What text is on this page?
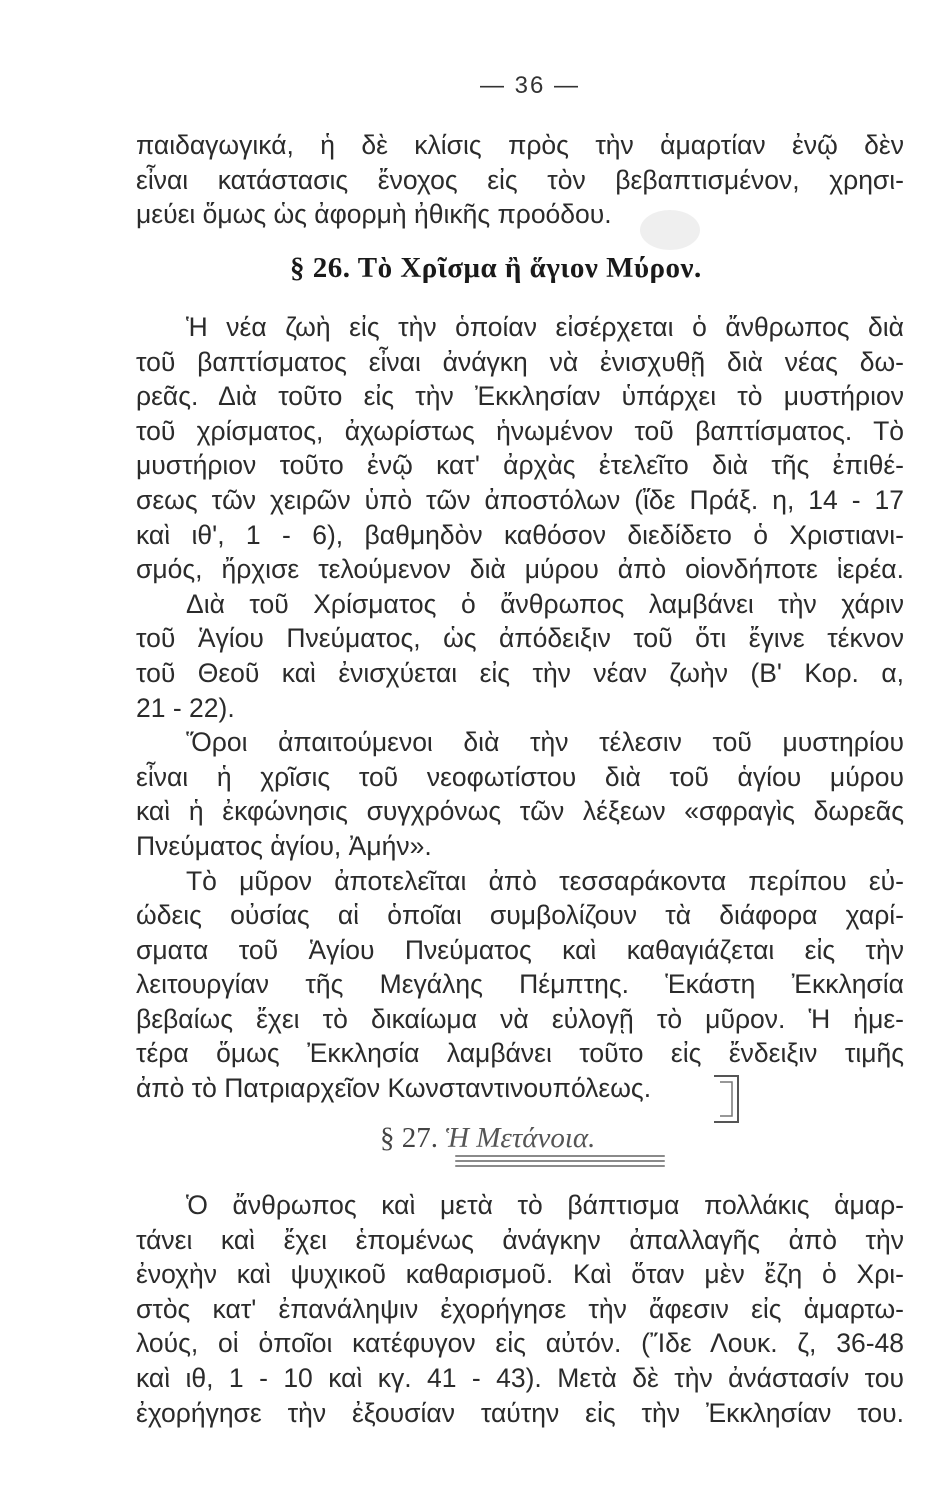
— 36 —
παιδαγωγικά, ἡ δὲ κλίσις πρὸς τὴν ἁμαρτίαν ἐνῷ δὲν
εἶναι κατάστασις ἔνοχος εἰς τὸν βεβαπτισμένον, χρησι-
μεύει ὅμως ὡς ἀφορμὴ ἠθικῆς προόδου.
§ 26. Τὸ Χρῖσμα ἢ ἅγιον Μύρον.
Ἡ νέα ζωὴ εἰς τὴν ὁποίαν εἰσέρχεται ὁ ἄνθρωπος διὰ
τοῦ βαπτίσματος εἶναι ἀνάγκη νὰ ἐνισχυθῇ διὰ νέας δω-
ρεᾶς. Διὰ τοῦτο εἰς τὴν Ἐκκλησίαν ὑπάρχει τὸ μυστήριον
τοῦ χρίσματος, ἀχωρίστως ἡνωμένον τοῦ βαπτίσματος. Τὸ
μυστήριον τοῦτο ἐνῷ κατ' ἀρχὰς ἐτελεῖτο διὰ τῆς ἐπιθέ-
σεως τῶν χειρῶν ὑπὸ τῶν ἀποστόλων (ἴδε Πράξ. η, 14 - 17
καὶ ιθ', 1 - 6), βαθμηδὸν καθόσον διεδίδετο ὁ Χριστιανι-
σμός, ἤρχισε τελούμενον διὰ μύρου ἀπὸ οἱονδήποτε ἱερέα.
Διὰ τοῦ Χρίσματος ὁ ἄνθρωπος λαμβάνει τὴν χάριν
τοῦ Ἁγίου Πνεύματος, ὡς ἀπόδειξιν τοῦ ὅτι ἔγινε τέκνον
τοῦ Θεοῦ καὶ ἐνισχύεται εἰς τὴν νέαν ζωὴν (Β' Κορ. α,
21 - 22).
Ὅροι ἀπαιτούμενοι διὰ τὴν τέλεσιν τοῦ μυστηρίου
εἶναι ἡ χρῖσις τοῦ νεοφωτίστου διὰ τοῦ ἁγίου μύρου
καὶ ἡ ἐκφώνησις συγχρόνως τῶν λέξεων «σφραγὶς δωρεᾶς
Πνεύματος ἁγίου, Ἀμήν».
Τὸ μῦρον ἀποτελεῖται ἀπὸ τεσσαράκοντα περίπου εὐ-
ώδεις οὐσίας αἱ ὁποῖαι συμβολίζουν τὰ διάφορα χαρί-
σματα τοῦ Ἁγίου Πνεύματος καὶ καθαγιάζεται εἰς τὴν
λειτουργίαν τῆς Μεγάλης Πέμπτης. Ἑκάστη Ἐκκλησία
βεβαίως ἔχει τὸ δικαίωμα νὰ εὐλογῇ τὸ μῦρον. Ἡ ἡμε-
τέρα ὅμως Ἐκκλησία λαμβάνει τοῦτο εἰς ἔνδειξιν τιμῆς
ἀπὸ τὸ Πατριαρχεῖον Κωνσταντινουπόλεως.
§ 27. Ἡ Μετάνοια.
Ὁ ἄνθρωπος καὶ μετὰ τὸ βάπτισμα πολλάκις ἁμαρ-
τάνει καὶ ἔχει ἑπομένως ἀνάγκην ἀπαλλαγῆς ἀπὸ τὴν
ἐνοχὴν καὶ ψυχικοῦ καθαρισμοῦ. Καὶ ὅταν μὲν ἔζη ὁ Χρι-
στὸς κατ' ἐπανάληψιν ἐχορήγησε τὴν ἄφεσιν εἰς ἁμαρτω-
λούς, οἱ ὁποῖοι κατέφυγον εἰς αὐτόν. (Ἴδε Λουκ. ζ, 36-48
καὶ ιθ, 1 - 10 καὶ κγ. 41 - 43). Μετὰ δὲ τὴν ἀνάστασίν του
ἐχορήγησε τὴν ἐξουσίαν ταύτην εἰς τὴν Ἐκκλησίαν του.
